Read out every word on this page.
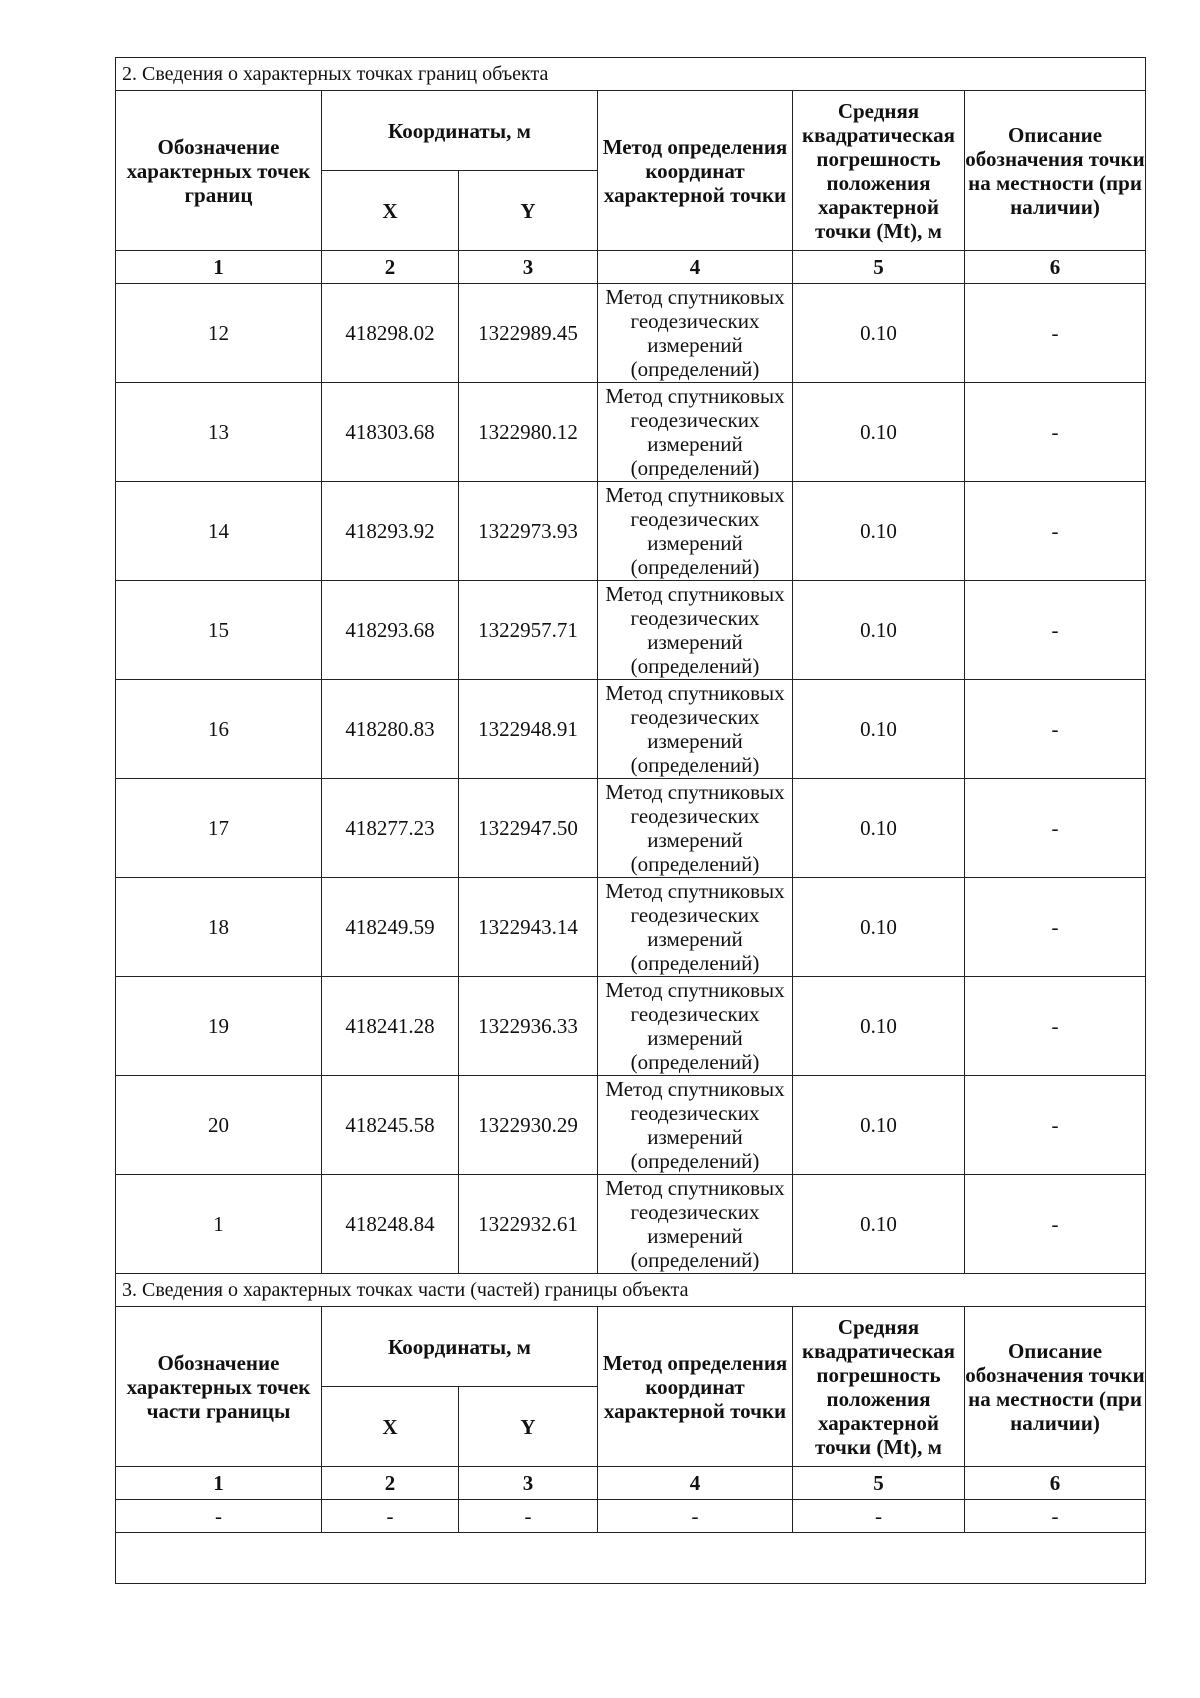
2. Сведения о характерных точках границ объекта					
Обозначение характерных точек границ	Координаты, м		Метод определения координат характерной точки	Средняя квадратическая погрешность положения характерной точки (Mt), м	Описание обозначения точки на местности (при наличии)
	X	Y			
1	2	3	4	5	6
12	418298.02	1322989.45	Метод спутниковых геодезических измерений (определений)	0.10	-
13	418303.68	1322980.12	Метод спутниковых геодезических измерений (определений)	0.10	-
14	418293.92	1322973.93	Метод спутниковых геодезических измерений (определений)	0.10	-
15	418293.68	1322957.71	Метод спутниковых геодезических измерений (определений)	0.10	-
16	418280.83	1322948.91	Метод спутниковых геодезических измерений (определений)	0.10	-
17	418277.23	1322947.50	Метод спутниковых геодезических измерений (определений)	0.10	-
18	418249.59	1322943.14	Метод спутниковых геодезических измерений (определений)	0.10	-
19	418241.28	1322936.33	Метод спутниковых геодезических измерений (определений)	0.10	-
20	418245.58	1322930.29	Метод спутниковых геодезических измерений (определений)	0.10	-
1	418248.84	1322932.61	Метод спутниковых геодезических измерений (определений)	0.10	-
3. Сведения о характерных точках части (частей) границы объекта					
Обозначение характерных точек части границы	Координаты, м		Метод определения координат характерной точки	Средняя квадратическая погрешность положения характерной точки (Mt), м	Описание обозначения точки на местности (при наличии)
	X	Y			
1	2	3	4	5	6
-	-	-	-	-	-
